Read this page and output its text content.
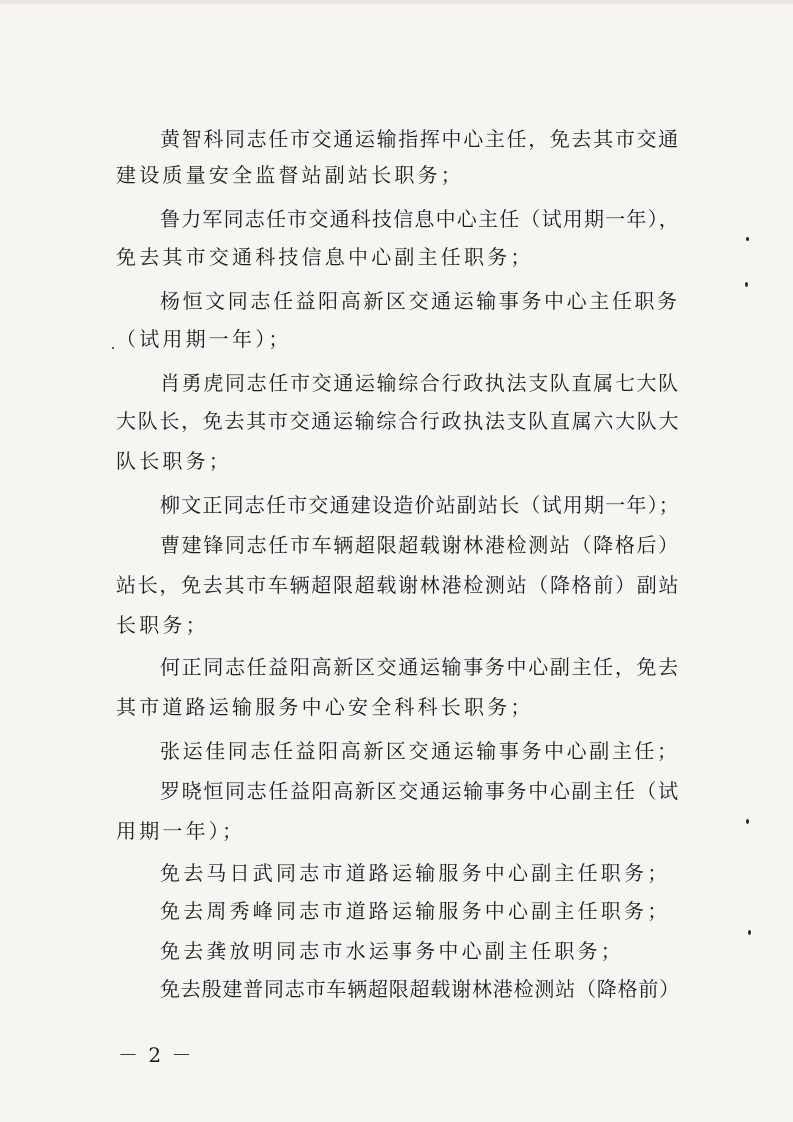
黄智科同志任市交通运输指挥中心主任，免去其市交通
建设质量安全监督站副站长职务；
鲁力军同志任市交通科技信息中心主任（试用期一年），
免去其市交通科技信息中心副主任职务；
杨恒文同志任益阳高新区交通运输事务中心主任职务
（试用期一年）；
肖勇虎同志任市交通运输综合行政执法支队直属七大队
大队长，免去其市交通运输综合行政执法支队直属六大队大
队长职务；
柳文正同志任市交通建设造价站副站长（试用期一年）；
曹建锋同志任市车辆超限超载谢林港检测站（降格后）
站长，免去其市车辆超限超载谢林港检测站（降格前）副站
长职务；
何正同志任益阳高新区交通运输事务中心副主任，免去
其市道路运输服务中心安全科科长职务；
张运佳同志任益阳高新区交通运输事务中心副主任；
罗晓恒同志任益阳高新区交通运输事务中心副主任（试
用期一年）；
免去马日武同志市道路运输服务中心副主任职务；
免去周秀峰同志市道路运输服务中心副主任职务；
免去龚放明同志市水运事务中心副主任职务；
免去殷建普同志市车辆超限超载谢林港检测站（降格前）
－ 2 －
